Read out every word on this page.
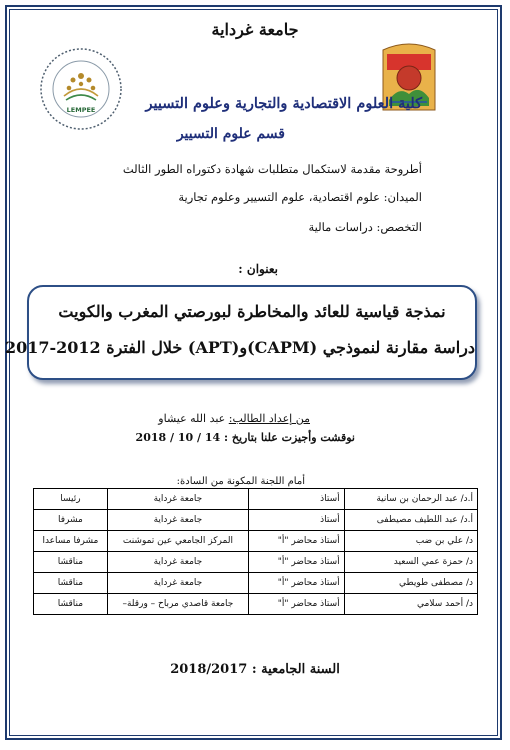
جامعة غرداية
LEMPEE	كلية العلوم الاقتصادية والتجارية وعلوم التسيير
قسم علوم التسيير
أطروحة مقدمة لاستكمال متطلبات شهادة دكتوراه الطور الثالث
الميدان: علوم اقتصادية، علوم التسيير وعلوم تجارية
التخصص: دراسات مالية
بعنوان :
نمذجة قياسية للعائد والمخاطرة لبورصتي المغرب والكويت
دراسة مقارنة لنموذجي (CAPM)و(APT) خلال الفترة 2012-2017
من إعداد الطالب: عبد الله عيشاو
نوقشت وأجيزت علنا بتاريخ : 14 / 10 / 2018
أمام اللجنة المكونة من السادة:
أ.د/ عبد الرحمان بن سانية	أستاذ	جامعة غرداية	رئيسا
أ.د/ عبد اللطيف مصيطفى	أستاذ	جامعة غرداية	مشرفا
د/ علي بن ضب	أستاذ محاضر "أ"	المركز الجامعي عين تموشنت	مشرفا مساعدا
د/ حمزة عمي السعيد	أستاذ محاضر "أ"	جامعة غرداية	مناقشا
د/ مصطفى طويطي	أستاذ محاضر "أ"	جامعة غرداية	مناقشا
د/ أحمد سلامي	أستاذ محاضر "أ"	جامعة قاصدي مرباح – ورقلة–	مناقشا
السنة الجامعية : 2018/2017
